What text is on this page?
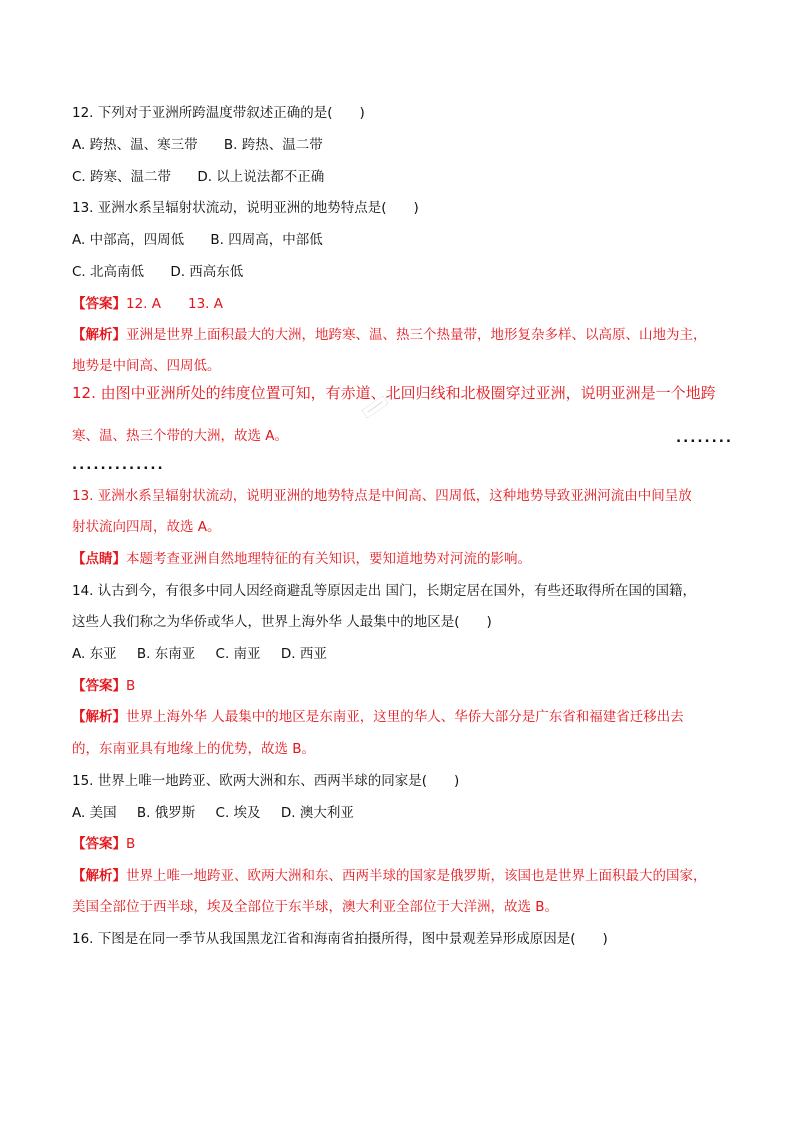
12. 下列对于亚洲所跨温度带叙述正确的是(　　)
A. 跨热、温、寒三带 B. 跨热、温二带
C. 跨寒、温二带 D. 以上说法都不正确
13. 亚洲水系呈辐射状流动，说明亚洲的地势特点是(　　)
A. 中部高，四周低 B. 四周高，中部低
C. 北高南低 D. 西高东低
【答案】12. A　　13. A
【解析】亚洲是世界上面积最大的大洲，地跨寒、温、热三个热量带，地形复杂多样、以高原、山地为主，
地势是中间高、四周低。
12. 由图中亚洲所处的纬度位置可知，有赤道、北回归线和北极圈穿过亚洲，说明亚洲是一个地跨
寒、温、热三个带的大洲，故选 A。	........
.............
13. 亚洲水系呈辐射状流动，说明亚洲的地势特点是中间高、四周低，这种地势导致亚洲河流由中间呈放
射状流向四周，故选 A。
【点睛】本题考查亚洲自然地理特征的有关知识，要知道地势对河流的影响。
14. 认古到今，有很多中同人因经商避乱等原因走出 国门，长期定居在国外，有些还取得所在国的国籍，
这些人我们称之为华侨或华人，世界上海外华 人最集中的地区是(　　)
A. 东亚 B. 东南亚 C. 南亚 D. 西亚
【答案】B
【解析】世界上海外华 人最集中的地区是东南亚，这里的华人、华侨大部分是广东省和福建省迁移出去
的，东南亚具有地缘上的优势，故选 B。
15. 世界上唯一地跨亚、欧两大洲和东、西两半球的同家是(　　)
A. 美国 B. 俄罗斯 C. 埃及 D. 澳大利亚
【答案】B
【解析】世界上唯一地跨亚、欧两大洲和东、西两半球的国家是俄罗斯，该国也是世界上面积最大的国家，
美国全部位于西半球，埃及全部位于东半球，澳大利亚全部位于大洋洲，故选 B。
16. 下图是在同一季节从我国黑龙江省和海南省拍摄所得，图中景观差异形成原因是(　　)
